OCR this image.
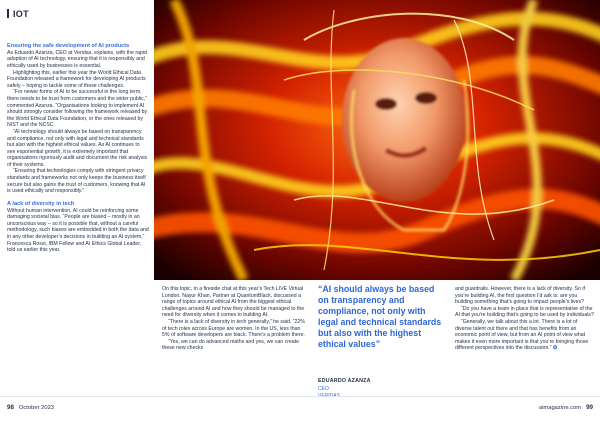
IOT

Ensuring the safe development of AI products

As Eduardo Azanza, CEO at Veridas, explains, with the rapid adoption of AI technology, ensuring that it is responsibly and ethically used by businesses is essential.

Highlighting this, earlier this year the World Ethical Data Foundation released a framework for developing AI products safely – hoping to tackle some of these challenges.

“For newer forms of AI to be successful in the long term, there needs to be trust from customers and the wider public,” commented Azanza. “Organisations looking to implement AI should strongly consider following the framework released by the World Ethical Data Foundation, or the ones released by NIST and the NCSC.

“AI technology should always be based on transparency and compliance, not only with legal and technical standards but also with the highest ethical values. As AI continues to see exponential growth, it is extremely important that organisations rigorously audit and document the risk analysis of their systems.

“Ensuring that technologies comply with stringent privacy standards and frameworks not only keeps the business itself secure but also gains the trust of customers, knowing that AI is used ethically and responsibly.”

A lack of diversity in tech

Without human intervention, AI could be reinforcing some damaging societal bias. “People are biased – mostly in an unconscious way – so it is possible that, without a careful methodology, such biases are embedded in both the data and in any other developer’s decisions in building an AI system,” Francesca Rossi, IBM Fellow and AI Ethics Global Leader, told us earlier this year.

On this topic, in a fireside chat at this year’s Tech LIVE Virtual London, Nayur Khan, Partner at QuantumBlack, discussed a range of topics around ethical AI from the biggest ethical challenges around AI and how they should be managed to the need for diversity when it comes to building AI.

“There is a lack of diversity in tech generally,” he said. “22% of tech roles across Europe are women. In the US, less than 5% of software developers are black. There’s a problem there.

“Yes, we can do advanced maths and yes, we can create these new checks

“AI should always be based on transparency and compliance, not only with legal and technical standards but also with the highest ethical values”
EDUARDO AZANZA
CEO

and guardrails. However, there is a lack of diversity. So if you’re building AI, the first question I’d ask is: are you building something that’s going to impact people’s lives?

“Do you have a team in place that is representative of the AI that you’re building that’s going to be used by individuals?

“Generally, we talk about this a lot. There is a lot of diverse talent out there and that has benefits from an economic point of view, but from an AI point of view what makes it even more important is that you’re bringing those different perspectives into the discussion.” ✪

98 October 2023	aimagazine.com 99
